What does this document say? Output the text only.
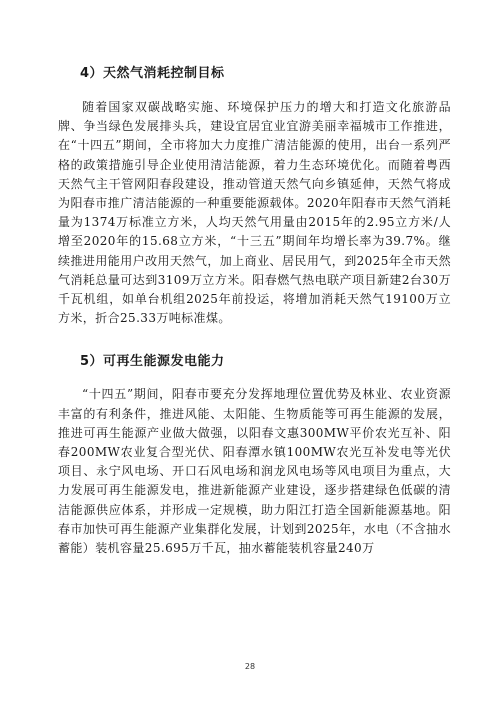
4）天然气消耗控制目标

随着国家双碳战略实施、环境保护压力的增大和打造文化旅游品牌、争当绿色发展排头兵，建设宜居宜业宜游美丽幸福城市工作推进，在“十四五”期间，全市将加大力度推广清洁能源的使用，出台一系列严格的政策措施引导企业使用清洁能源，着力生态环境优化。而随着粤西天然气主干管网阳春段建设，推动管道天然气向乡镇延伸，天然气将成为阳春市推广清洁能源的一种重要能源载体。2020年阳春市天然气消耗量为1374万标准立方米，人均天然气用量由2015年的2.95立方米/人增至2020年的15.68立方米，“十三五”期间年均增长率为39.7%。继续推进用能用户改用天然气，加上商业、居民用气，到2025年全市天然气消耗总量可达到3109万立方米。阳春燃气热电联产项目新建2台30万千瓦机组，如单台机组2025年前投运，将增加消耗天然气19100万立方米，折合25.33万吨标准煤。

5）可再生能源发电能力

“十四五”期间，阳春市要充分发挥地理位置优势及林业、农业资源丰富的有利条件，推进风能、太阳能、生物质能等可再生能源的发展，推进可再生能源产业做大做强，以阳春文惠300MW平价农光互补、阳春200MW农业复合型光伏、阳春潭水镇100MW农光互补发电等光伏项目、永宁风电场、开口石风电场和润龙风电场等风电项目为重点，大力发展可再生能源发电，推进新能源产业建设，逐步搭建绿色低碳的清洁能源供应体系，并形成一定规模，助力阳江打造全国新能源基地。阳春市加快可再生能源产业集群化发展，计划到2025年，水电（不含抽水蓄能）装机容量25.695万千瓦，抽水蓄能装机容量240万

28
